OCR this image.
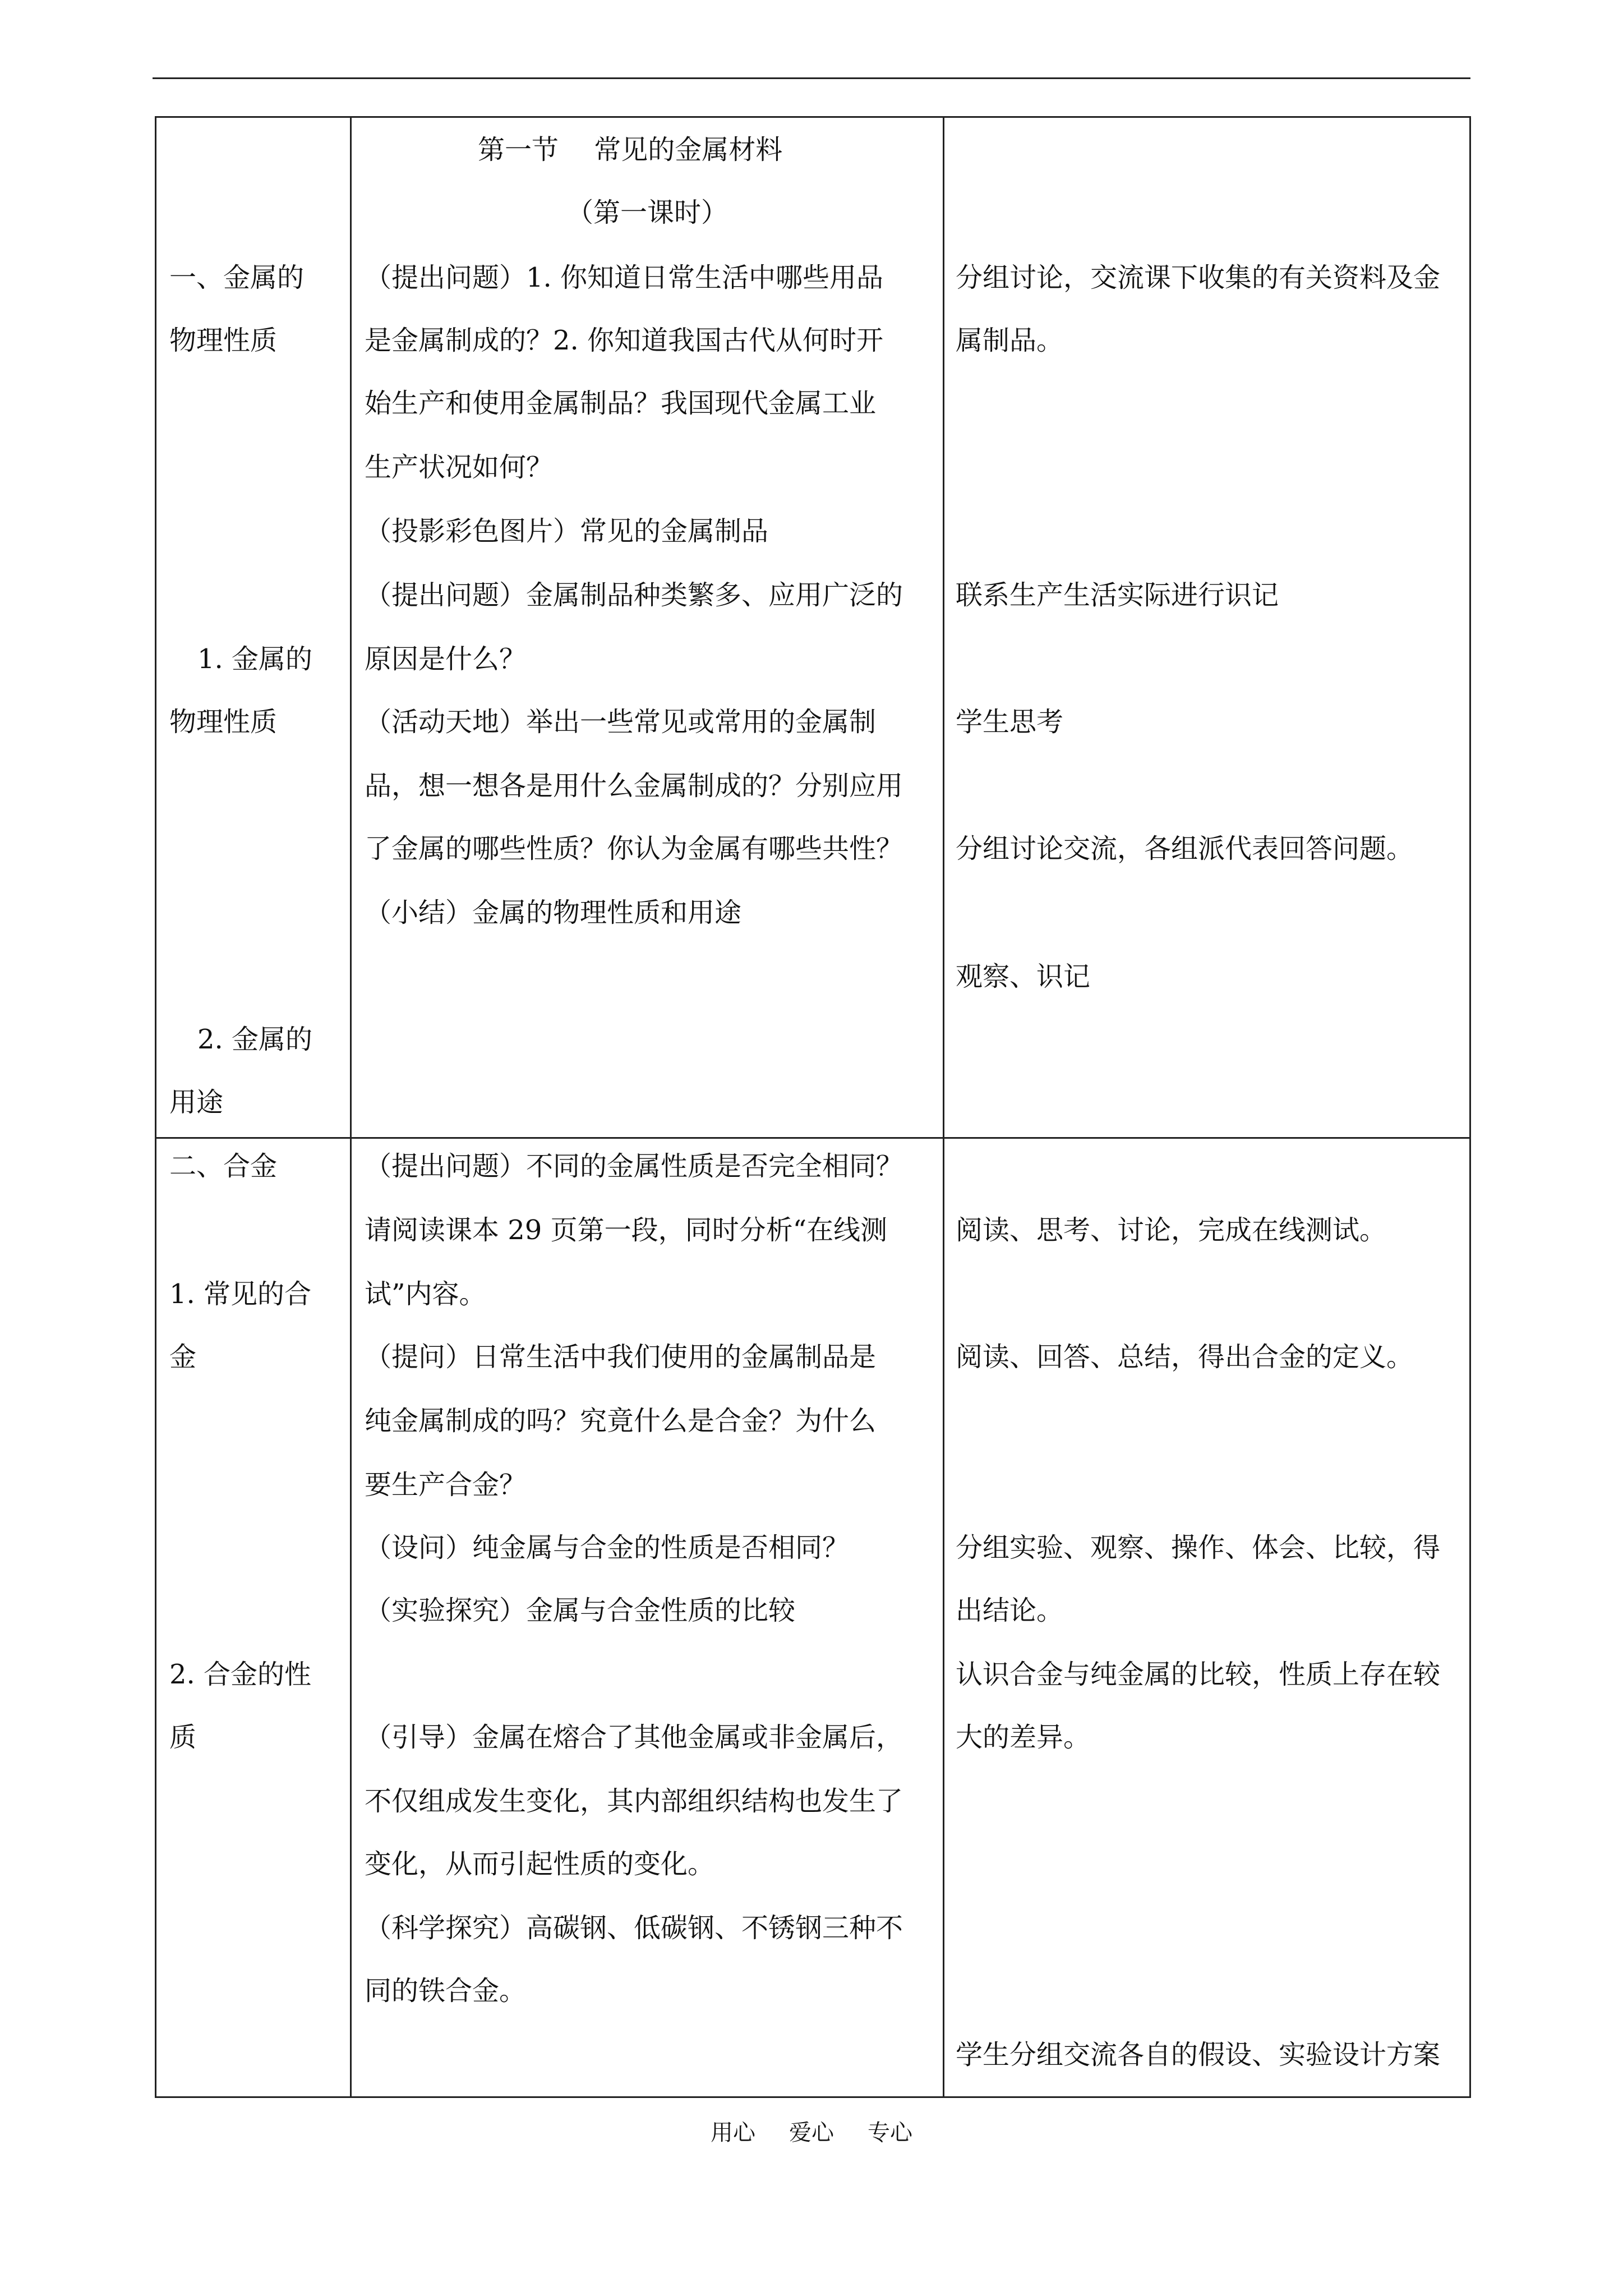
一、金属的
物理性质
1. 金属的
物理性质
2. 金属的
用途
二、合金
1. 常见的合
金
2. 合金的性
质
第一节　 常见的金属材料
（第一课时）
（提出问题）1. 你知道日常生活中哪些用品
是金属制成的？2. 你知道我国古代从何时开
始生产和使用金属制品？我国现代金属工业
生产状况如何？
（投影彩色图片）常见的金属制品
（提出问题）金属制品种类繁多、应用广泛的
原因是什么？
（活动天地）举出一些常见或常用的金属制
品，想一想各是用什么金属制成的？分别应用
了金属的哪些性质？你认为金属有哪些共性？
（小结）金属的物理性质和用途
（提出问题）不同的金属性质是否完全相同？
请阅读课本 29 页第一段，同时分析“在线测
试”内容。
（提问）日常生活中我们使用的金属制品是
纯金属制成的吗？究竟什么是合金？为什么
要生产合金？
（设问）纯金属与合金的性质是否相同？
（实验探究）金属与合金性质的比较
（引导）金属在熔合了其他金属或非金属后，
不仅组成发生变化，其内部组织结构也发生了
变化，从而引起性质的变化。
（科学探究）高碳钢、低碳钢、不锈钢三种不
同的铁合金。
分组讨论，交流课下收集的有关资料及金
属制品。
联系生产生活实际进行识记
学生思考
分组讨论交流，各组派代表回答问题。
观察、识记
阅读、思考、讨论，完成在线测试。
阅读、回答、总结，得出合金的定义。
分组实验、观察、操作、体会、比较，得
出结论。
认识合金与纯金属的比较，性质上存在较
大的差异。
学生分组交流各自的假设、实验设计方案
用心 爱心 专心
